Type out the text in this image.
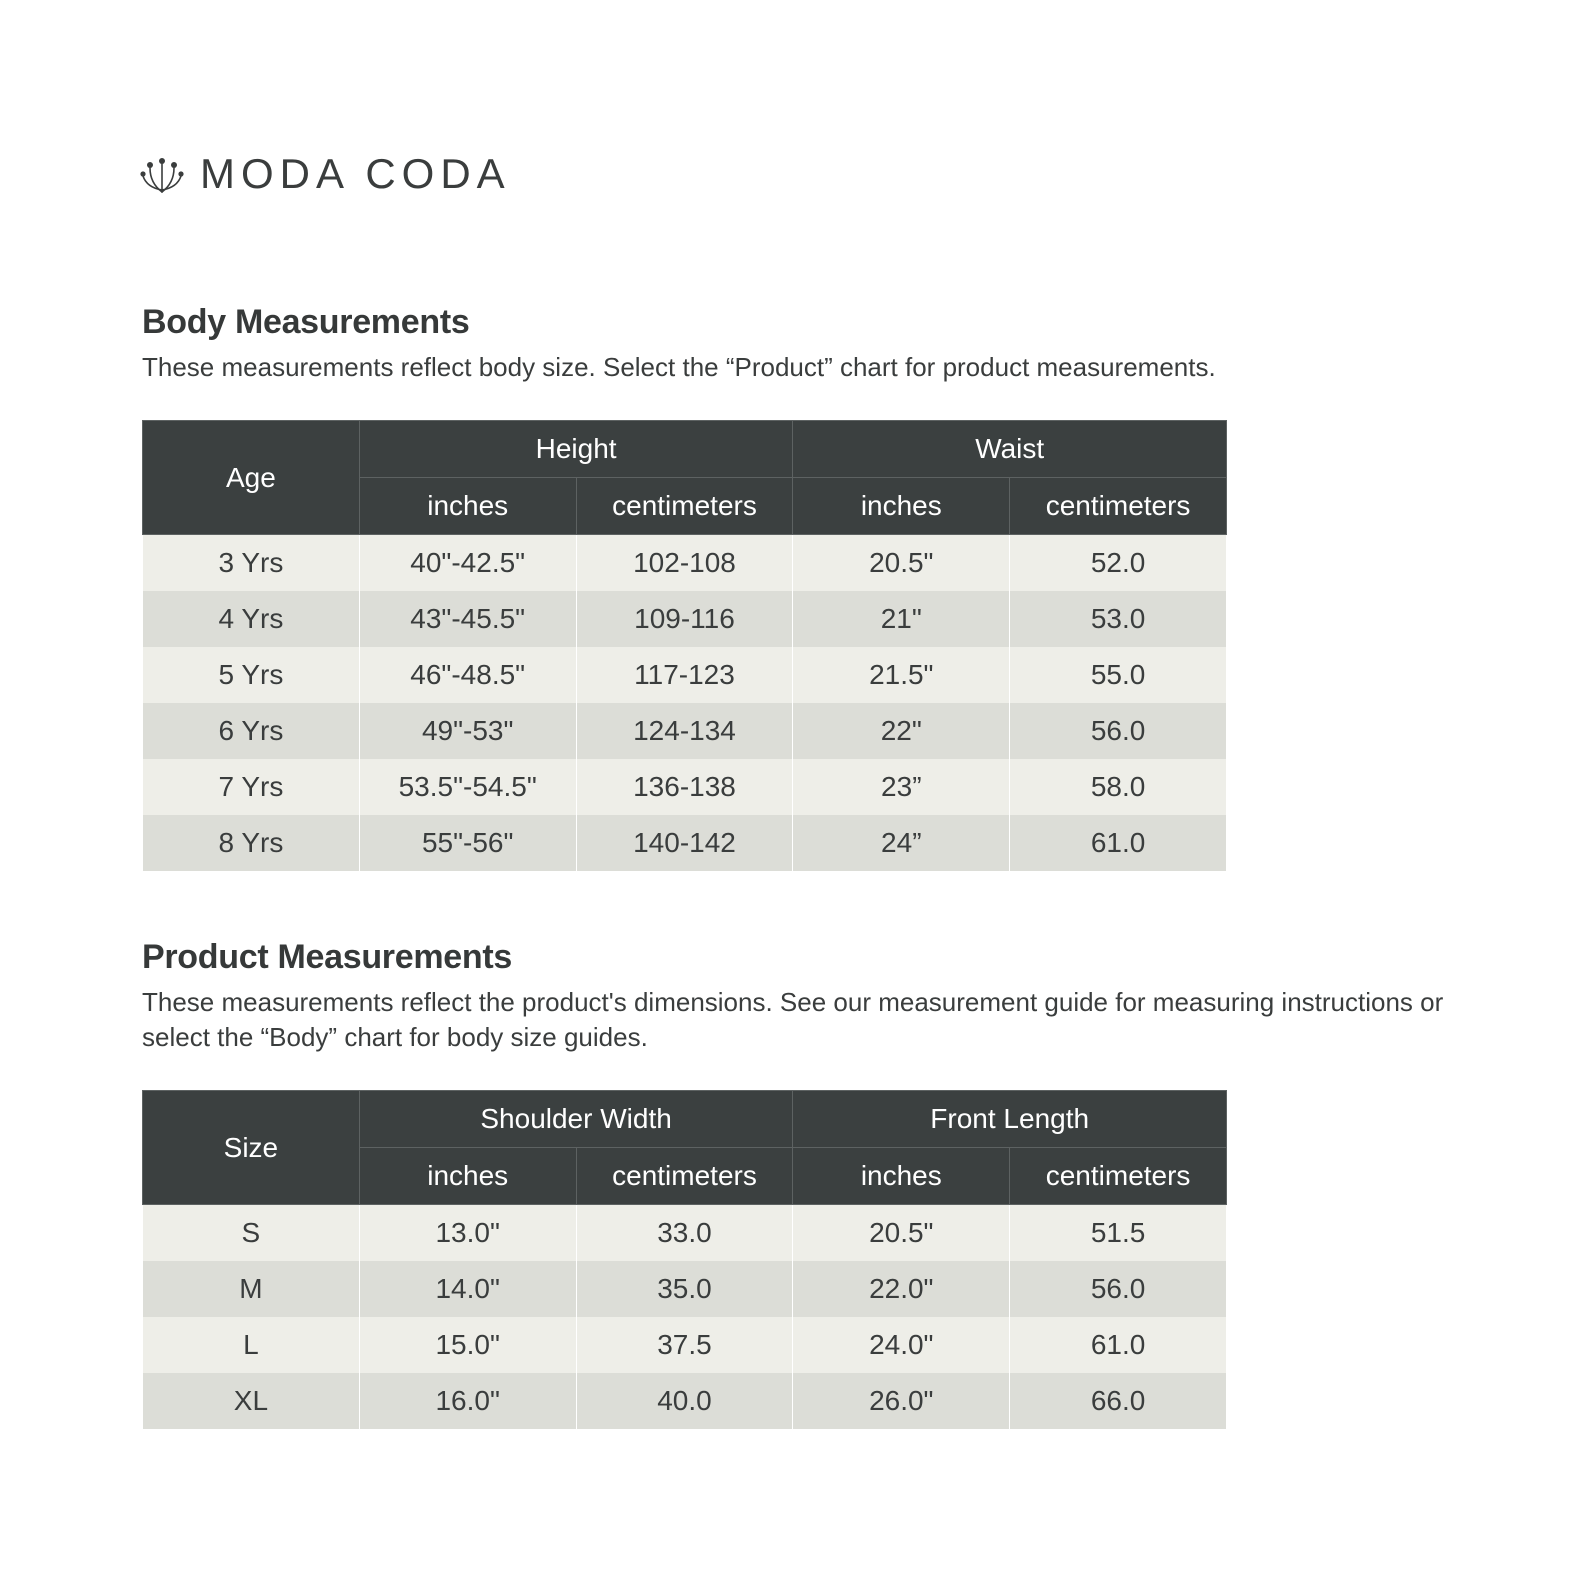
MODA CODA
Body Measurements

These measurements reflect body size. Select the “Product” chart for product measurements.

Age	Height		Waist	
	inches	centimeters	inches	centimeters
3 Yrs	40"-42.5"	102-108	20.5"	52.0
4 Yrs	43"-45.5"	109-116	21"	53.0
5 Yrs	46"-48.5"	117-123	21.5"	55.0
6 Yrs	49"-53"	124-134	22"	56.0
7 Yrs	53.5"-54.5"	136-138	23”	58.0
8 Yrs	55"-56"	140-142	24”	61.0
Product Measurements

These measurements reflect the product's dimensions. See our measurement guide for measuring instructions or select the “Body” chart for body size guides.

Size	Shoulder Width		Front Length	
	inches	centimeters	inches	centimeters
S	13.0"	33.0	20.5"	51.5
M	14.0"	35.0	22.0"	56.0
L	15.0"	37.5	24.0"	61.0
XL	16.0"	40.0	26.0"	66.0
